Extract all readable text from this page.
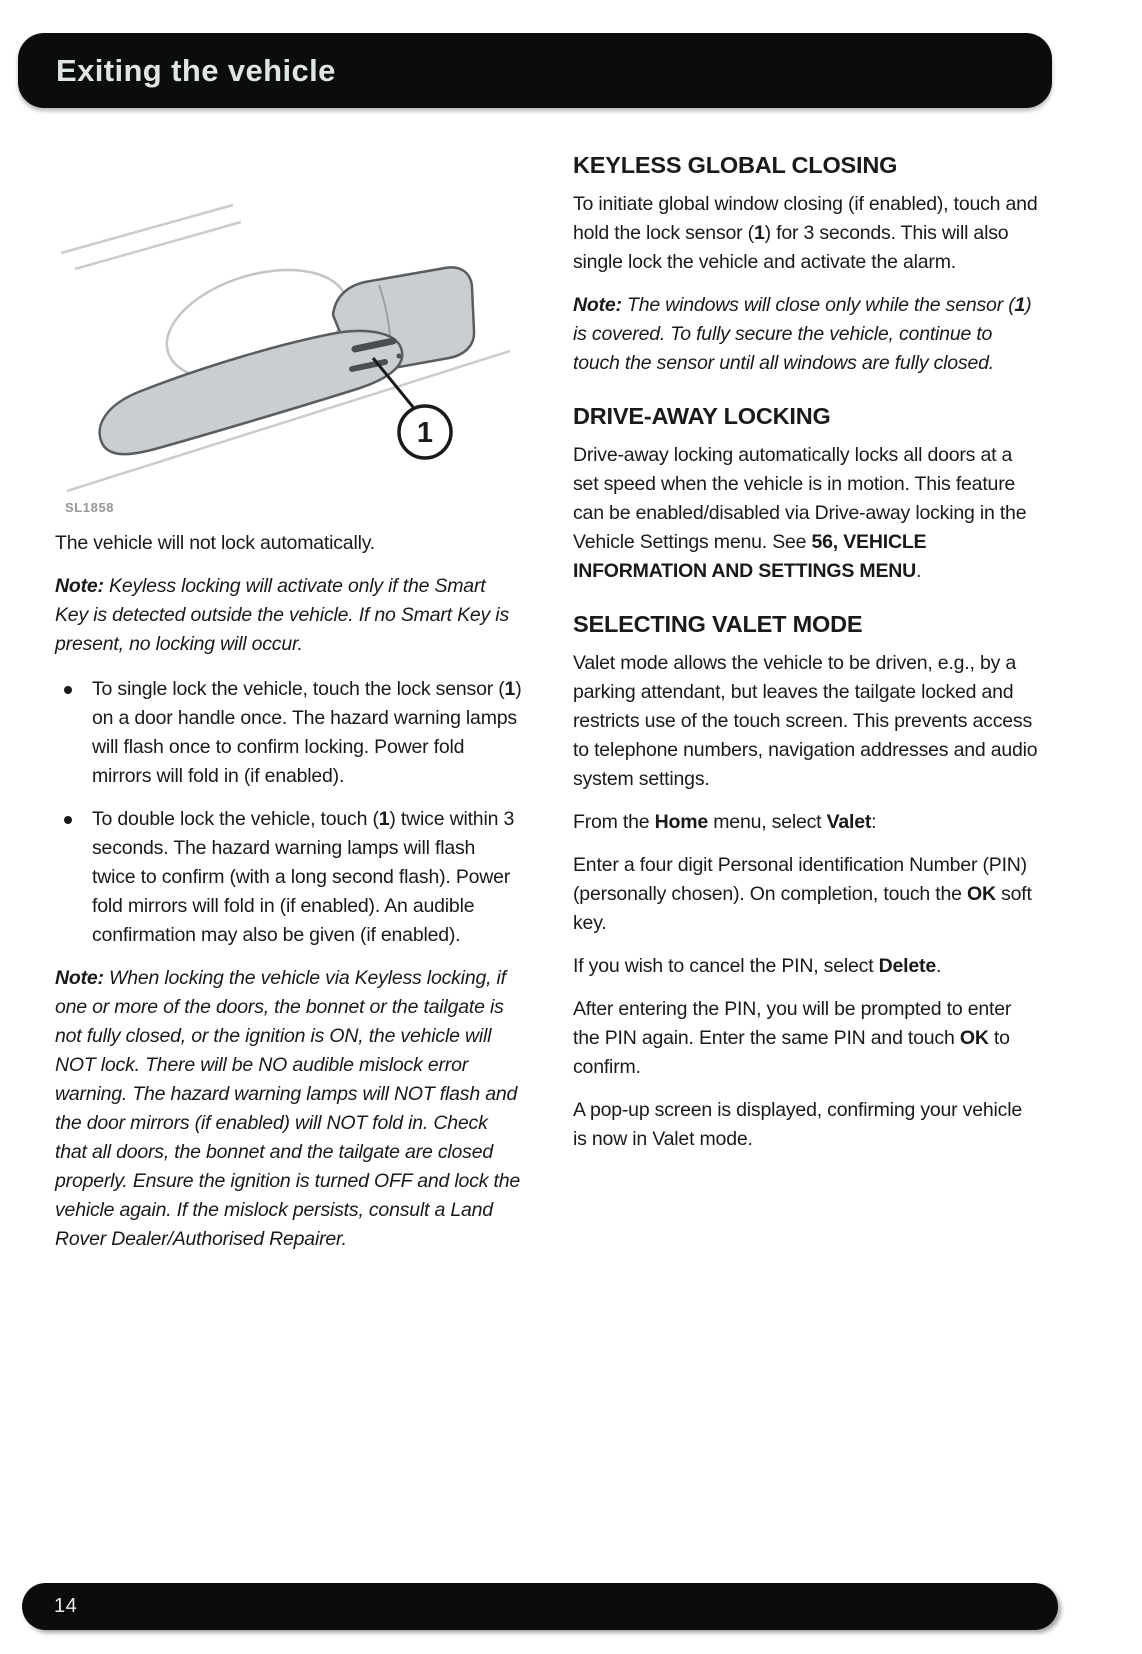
Exiting the vehicle
1
SL1858

The vehicle will not lock automatically.

Note: Keyless locking will activate only if the Smart Key is detected outside the vehicle. If no Smart Key is present, no locking will occur.

To single lock the vehicle, touch the lock sensor (1) on a door handle once. The hazard warning lamps will flash once to confirm locking. Power fold mirrors will fold in (if enabled).

To double lock the vehicle, touch (1) twice within 3 seconds. The hazard warning lamps will flash twice to confirm (with a long second flash). Power fold mirrors will fold in (if enabled). An audible confirmation may also be given (if enabled).

Note: When locking the vehicle via Keyless locking, if one or more of the doors, the bonnet or the tailgate is not fully closed, or the ignition is ON, the vehicle will NOT lock. There will be NO audible mislock error warning. The hazard warning lamps will NOT flash and the door mirrors (if enabled) will NOT fold in. Check that all doors, the bonnet and the tailgate are closed properly. Ensure the ignition is turned OFF and lock the vehicle again. If the mislock persists, consult a Land Rover Dealer/Authorised Repairer.

KEYLESS GLOBAL CLOSING

To initiate global window closing (if enabled), touch and hold the lock sensor (1) for 3 seconds. This will also single lock the vehicle and activate the alarm.

Note: The windows will close only while the sensor (1) is covered. To fully secure the vehicle, continue to touch the sensor until all windows are fully closed.

DRIVE-AWAY LOCKING

Drive-away locking automatically locks all doors at a set speed when the vehicle is in motion. This feature can be enabled/disabled via Drive-away locking in the Vehicle Settings menu. See 56, VEHICLE INFORMATION AND SETTINGS MENU.

SELECTING VALET MODE

Valet mode allows the vehicle to be driven, e.g., by a parking attendant, but leaves the tailgate locked and restricts use of the touch screen. This prevents access to telephone numbers, navigation addresses and audio system settings.

From the Home menu, select Valet:

Enter a four digit Personal identification Number (PIN) (personally chosen). On completion, touch the OK soft key.

If you wish to cancel the PIN, select Delete.

After entering the PIN, you will be prompted to enter the PIN again. Enter the same PIN and touch OK to confirm.

A pop-up screen is displayed, confirming your vehicle is now in Valet mode.

14
